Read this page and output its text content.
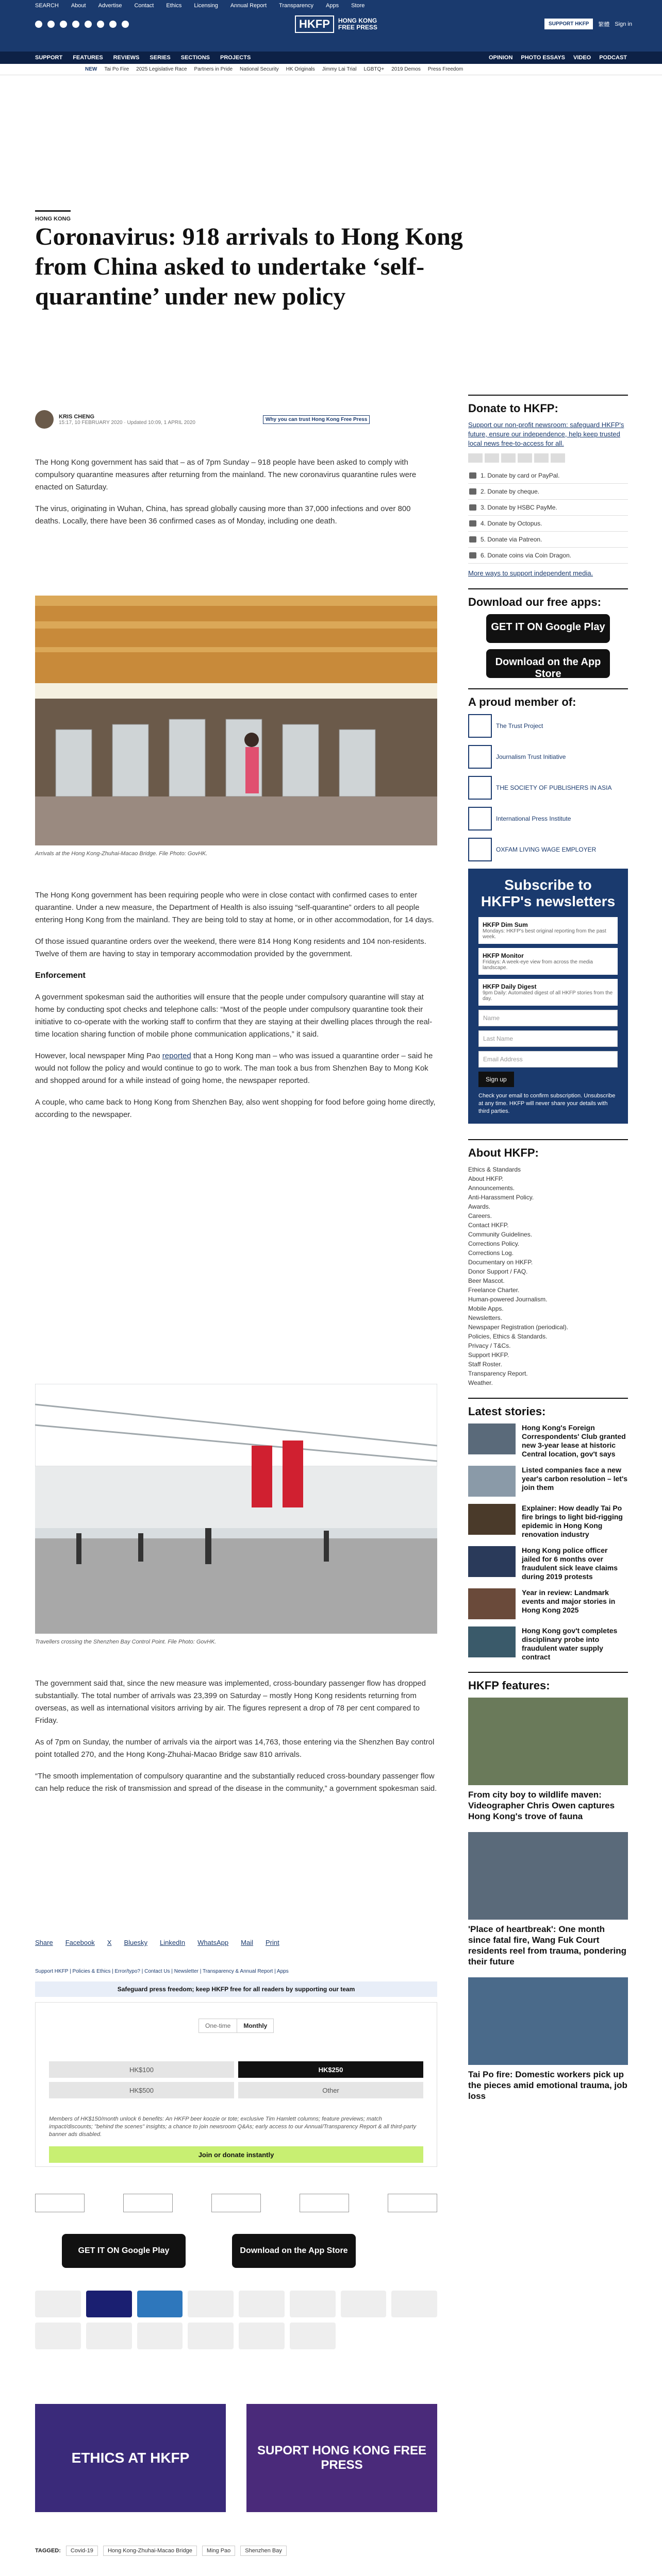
SEARCH About Advertise Contact Ethics Licensing Annual Report Transparency Apps Store
HKFP	HONG KONG
FREE PRESS	SUPPORT HKFP	繁體 Sign in
SUPPORT FEATURES REVIEWS SERIES SECTIONS PROJECTS	OPINION PHOTO ESSAYS VIDEO PODCAST
NEW Tai Po Fire 2025 Legislative Race Partners in Pride National Security HK Originals Jimmy Lai Trial LGBTQ+ 2019 Demos Press Freedom
HONG KONG
Coronavirus: 918 arrivals to Hong Kong from China asked to undertake ‘self-quarantine’ under new policy
KRIS CHENG
15:17, 10 FEBRUARY 2020 · Updated 10:09, 1 APRIL 2020	Why you can trust Hong Kong Free Press

The Hong Kong government has said that – as of 7pm Sunday – 918 people have been asked to comply with compulsory quarantine measures after returning from the mainland. The new coronavirus quarantine rules were enacted on Saturday.

The virus, originating in Wuhan, China, has spread globally causing more than 37,000 infections and over 800 deaths. Locally, there have been 36 confirmed cases as of Monday, including one death.

Arrivals at the Hong Kong-Zhuhai-Macao Bridge. File Photo: GovHK.

The Hong Kong government has been requiring people who were in close contact with confirmed cases to enter quarantine. Under a new measure, the Department of Health is also issuing “self-quarantine” orders to all people entering Hong Kong from the mainland. They are being told to stay at home, or in other accommodation, for 14 days.

Of those issued quarantine orders over the weekend, there were 814 Hong Kong residents and 104 non-residents. Twelve of them are having to stay in temporary accommodation provided by the government.

Enforcement

A government spokesman said the authorities will ensure that the people under compulsory quarantine will stay at home by conducting spot checks and telephone calls: “Most of the people under compulsory quarantine took their initiative to co-operate with the working staff to confirm that they are staying at their dwelling places through the real-time location sharing function of mobile phone communication applications,” it said.

However, local newspaper Ming Pao reported that a Hong Kong man – who was issued a quarantine order – said he would not follow the policy and would continue to go to work. The man took a bus from Shenzhen Bay to Mong Kok and shopped around for a while instead of going home, the newspaper reported.

A couple, who came back to Hong Kong from Shenzhen Bay, also went shopping for food before going home directly, according to the newspaper.

Travellers crossing the Shenzhen Bay Control Point. File Photo: GovHK.

The government said that, since the new measure was implemented, cross-boundary passenger flow has dropped substantially. The total number of arrivals was 23,399 on Saturday – mostly Hong Kong residents returning from overseas, as well as international visitors arriving by air. The figures represent a drop of 78 per cent compared to Friday.

As of 7pm on Sunday, the number of arrivals via the airport was 14,763, those entering via the Shenzhen Bay control point totalled 270, and the Hong Kong-Zhuhai-Macao Bridge saw 810 arrivals.

“The smooth implementation of compulsory quarantine and the substantially reduced cross-boundary passenger flow can help reduce the risk of transmission and spread of the disease in the community,” a government spokesman said.

Share Facebook X Bluesky LinkedIn WhatsApp Mail Print
Support HKFP | Policies & Ethics | Error/typo? | Contact Us | Newsletter | Transparency & Annual Report | Apps
Safeguard press freedom; keep HKFP free for all readers by supporting our team
One-time	Monthly
HK$100	HK$250
HK$500	Other
Members of HK$150/month unlock 6 benefits: An HKFP beer koozie or tote; exclusive Tim Hamlett columns; feature previews; match impact/discounts; "behind the scenes" insights; a chance to join newsroom Q&As; early access to our Annual/Transparency Report & all third-party banner ads disabled.
Join or donate instantly
GET IT ON Google Play	Download on the App Store
ETHICS AT HKFP	SUPORT HONG KONG FREE PRESS
TAGGED:	Covid-19	Hong Kong-Zhuhai-Macao Bridge	Ming Pao	Shenzhen Bay
Donate to HKFP:
Support our non-profit newsroom: safeguard HKFP's future, ensure our independence, help keep trusted local news free-to-access for all.
1. Donate by card or PayPal.
2. Donate by cheque.
3. Donate by HSBC PayMe.
4. Donate by Octopus.
5. Donate via Patreon.
6. Donate coins via Coin Dragon.
More ways to support independent media.
Download our free apps:
GET IT ON Google Play
Download on the App Store
A proud member of:
The Trust Project
Journalism Trust Initiative
THE SOCIETY OF PUBLISHERS IN ASIA
International Press Institute
OXFAM LIVING WAGE EMPLOYER
Subscribe to HKFP's newsletters
HKFP Dim Sum
Mondays: HKFP's best original reporting from the past week.
HKFP Monitor
Fridays: A week-eye view from across the media landscape.
HKFP Daily Digest
9pm Daily: Automated digest of all HKFP stories from the day.
Name
Last Name
Email Address
Sign up
Check your email to confirm subscription. Unsubscribe at any time. HKFP will never share your details with third parties.
About HKFP:
Ethics & Standards
About HKFP.
Announcements.
Anti-Harassment Policy.
Awards.
Careers.
Contact HKFP.
Community Guidelines.
Corrections Policy.
Corrections Log.
Documentary on HKFP.
Donor Support / FAQ.
Beer Mascot.
Freelance Charter.
Human-powered Journalism.
Mobile Apps.
Newsletters.
Newspaper Registration (periodical).
Policies, Ethics & Standards.
Privacy / T&Cs.
Support HKFP.
Staff Roster.
Transparency Report.
Weather.
Latest stories:
Hong Kong's Foreign Correspondents' Club granted new 3-year lease at historic Central location, gov't says
Listed companies face a new year's carbon resolution – let's join them
Explainer: How deadly Tai Po fire brings to light bid-rigging epidemic in Hong Kong renovation industry
Hong Kong police officer jailed for 6 months over fraudulent sick leave claims during 2019 protests
Year in review: Landmark events and major stories in Hong Kong 2025
Hong Kong gov't completes disciplinary probe into fraudulent water supply contract
HKFP features:
From city boy to wildlife maven: Videographer Chris Owen captures Hong Kong's trove of fauna
'Place of heartbreak': One month since fatal fire, Wang Fuk Court residents reel from trauma, pondering their future
Tai Po fire: Domestic workers pick up the pieces amid emotional trauma, job loss
